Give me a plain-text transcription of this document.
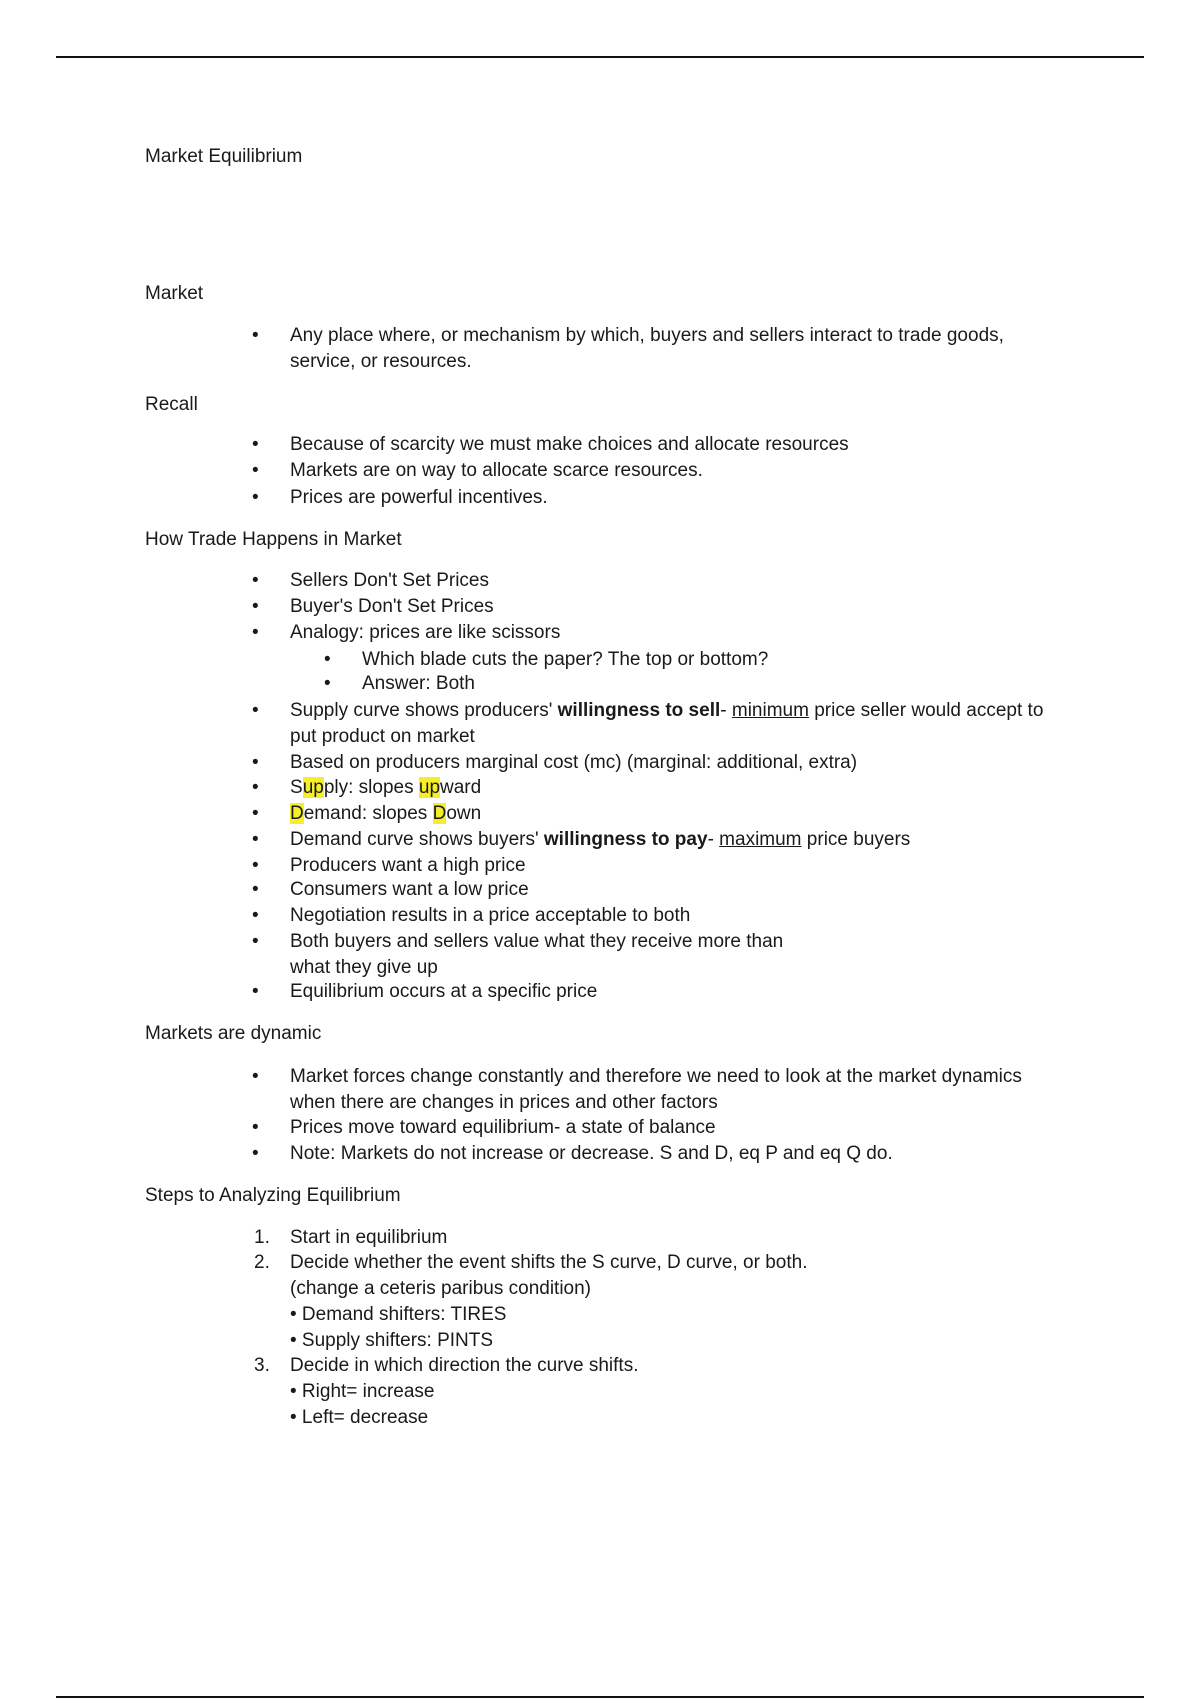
Market Equilibrium
Market
• Any place where, or mechanism by which, buyers and sellers interact to trade goods,
service, or resources.
Recall
• Because of scarcity we must make choices and allocate resources
• Markets are on way to allocate scarce resources.
• Prices are powerful incentives.
How Trade Happens in Market
• Sellers Don't Set Prices
• Buyer's Don't Set Prices
• Analogy: prices are like scissors
• Which blade cuts the paper? The top or bottom?
• Answer: Both
• Supply curve shows producers' willingness to sell- minimum price seller would accept to
put product on market
• Based on producers marginal cost (mc) (marginal: additional, extra)
• Supply: slopes upward
• Demand: slopes Down
• Demand curve shows buyers' willingness to pay- maximum price buyers
• Producers want a high price
• Consumers want a low price
• Negotiation results in a price acceptable to both
• Both buyers and sellers value what they receive more than
what they give up
• Equilibrium occurs at a specific price
Markets are dynamic
• Market forces change constantly and therefore we need to look at the market dynamics
when there are changes in prices and other factors
• Prices move toward equilibrium- a state of balance
• Note: Markets do not increase or decrease. S and D, eq P and eq Q do.
Steps to Analyzing Equilibrium
1. Start in equilibrium
2. Decide whether the event shifts the S curve, D curve, or both.
(change a ceteris paribus condition)
• Demand shifters: TIRES
• Supply shifters: PINTS
3. Decide in which direction the curve shifts.
• Right= increase
• Left= decrease
